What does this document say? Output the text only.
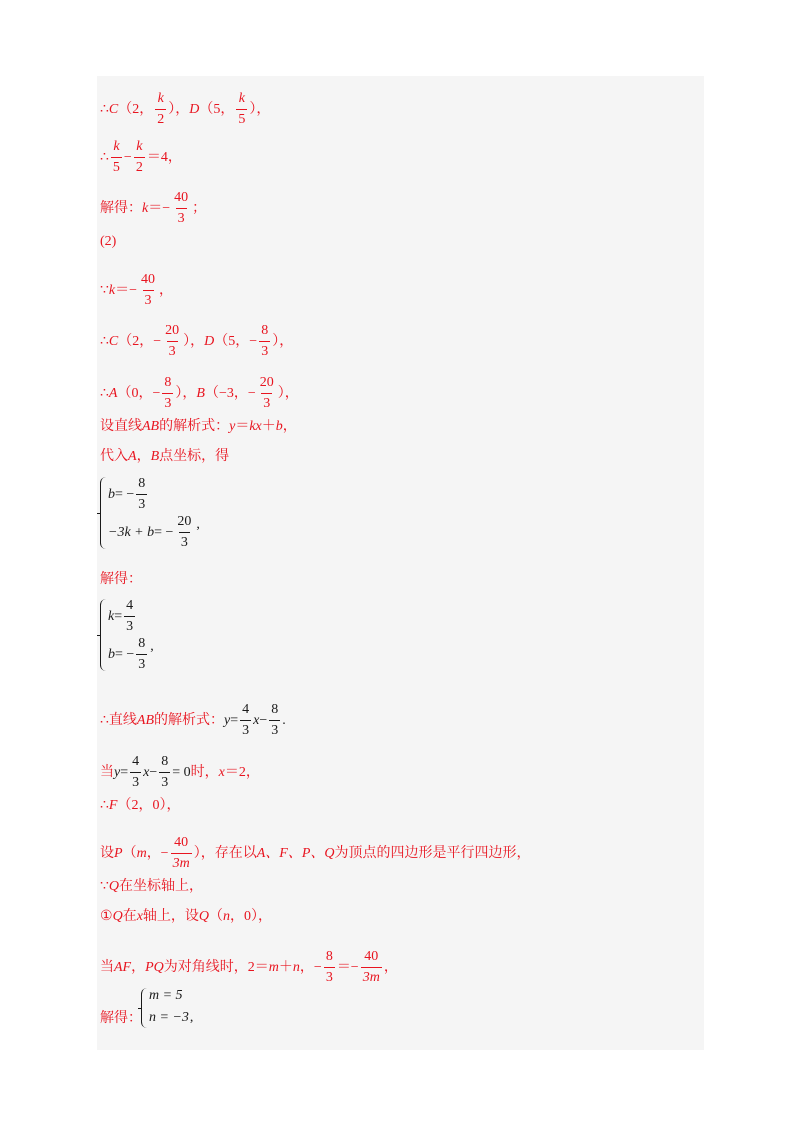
∴ C （2， $\frac{k}{2}$ ）， D （5， $\frac{k}{5}$ ），
∴ $\frac{k}{5} - \frac{k}{2} =4$，
解得： $k =- \frac{40}{3}$ ；
(2)
∵ $k =- \frac{40}{3}$ ，
∴ C （2，− $\frac{20}{3}$ ）， D （5，− $\frac{8}{3}$ ），
∴ A （0，− $\frac{8}{3}$ ）， B （−3，− $\frac{20}{3}$ ），
设直线 AB 的解析式： y ＝ kx ＋ b ，
代入 A ， B 点坐标，得
b = − $\frac{8}{3}$
−3k + b = − $\frac{20}{3}$ ,
解得：
$k = \frac{4}{3}$
b = − $\frac{8}{3}$ ,
∴ 直线 AB 的解析式： $y = \frac{4}{3}$ $x - \frac{8}{3}$ .
当 $y = \frac{4}{3}$ $x - \frac{8}{3} = 0$ 时， x ＝2，
∴ F （2，0），
设 P （ m ，− $\frac{40}{3m}$ ），存在以 A、F、P、Q 为顶点的四边形是平行四边形，
∵ Q 在坐标轴上，
① Q 在 x 轴上，设 Q （ n ，0），
当 AF ， PQ 为对角线时，2＝ m ＋ n ，− $\frac{8}{3} =- \frac{40}{3m}$ ，
解得：
m = 5
n = −3 ,
